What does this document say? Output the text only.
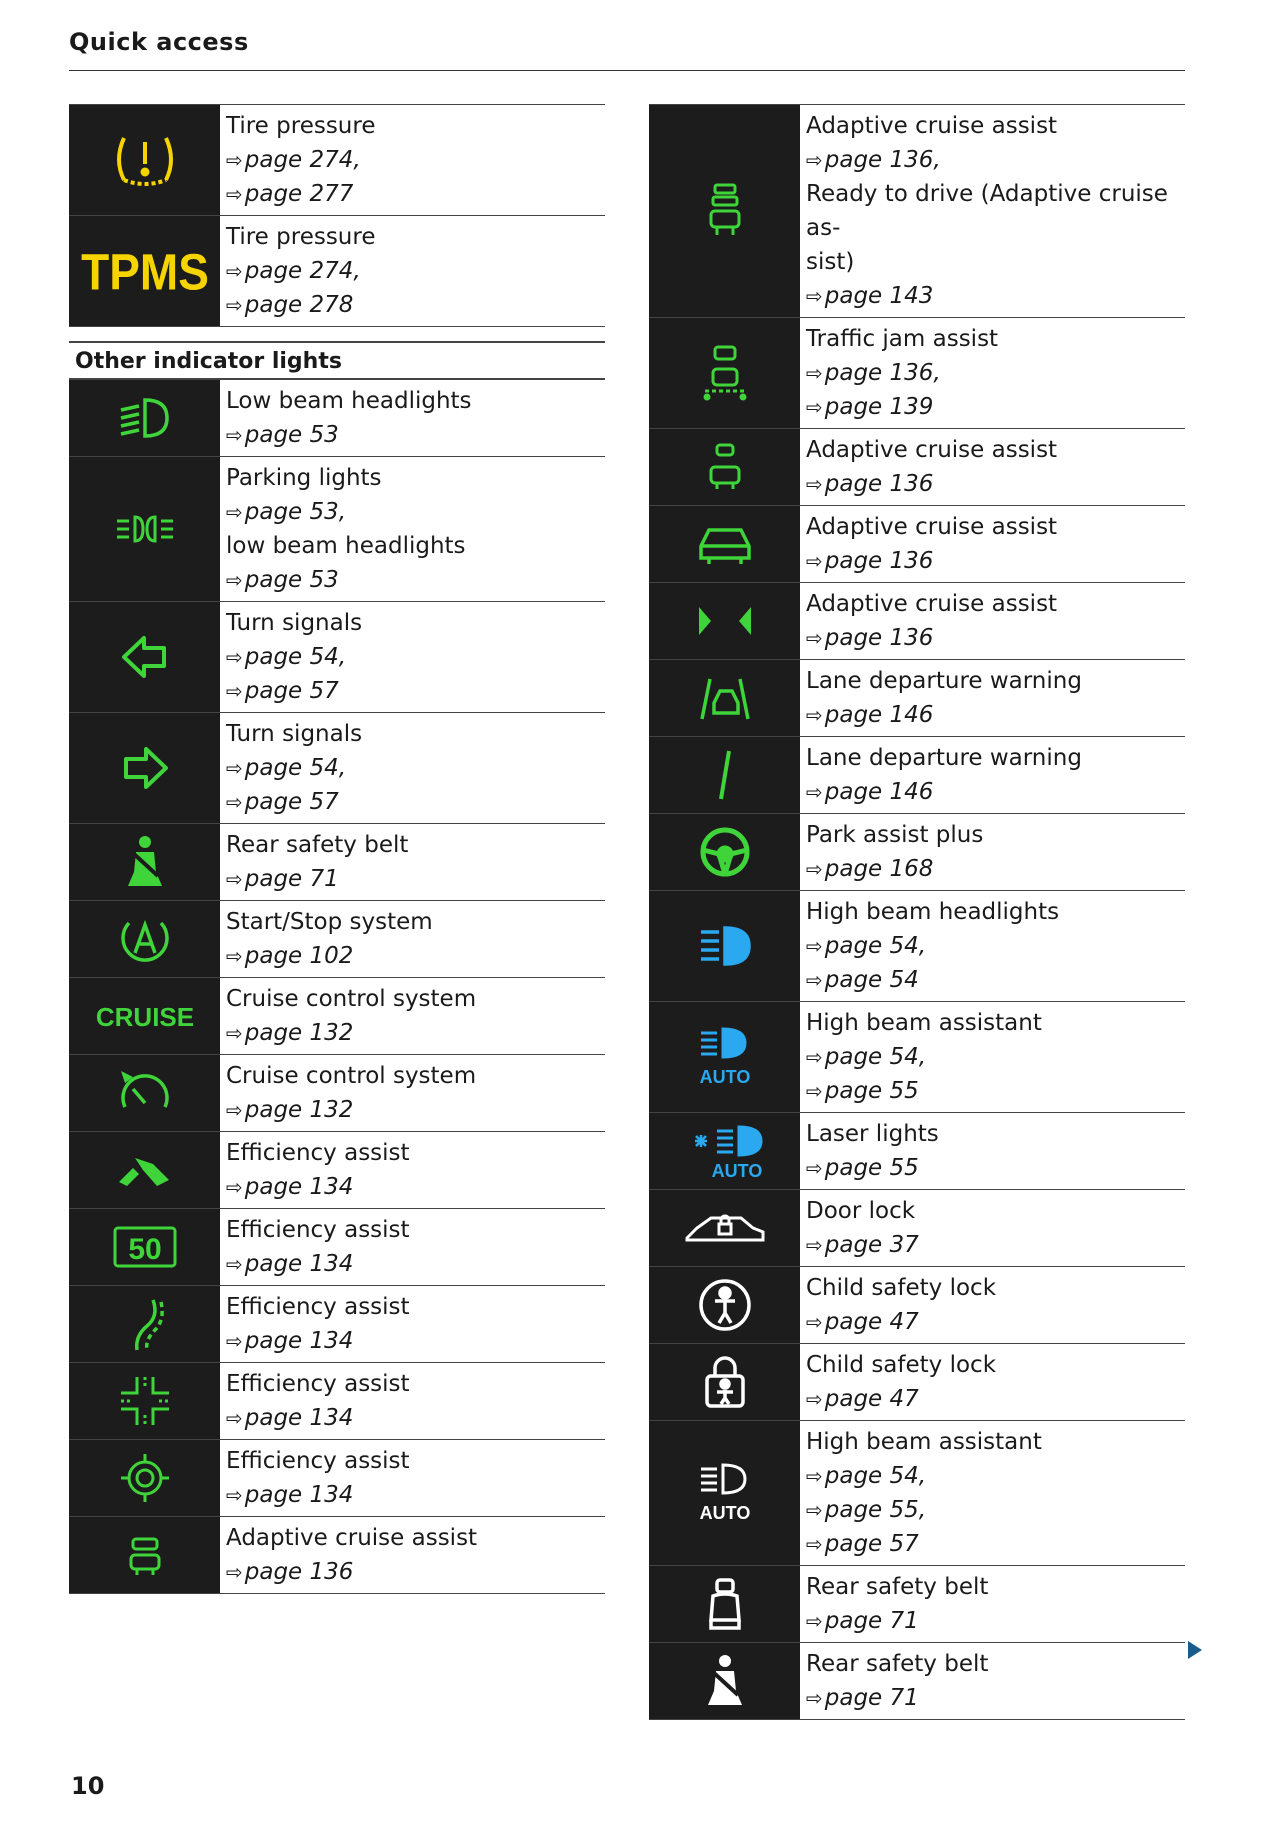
Quick access
Tire pressure
⇨page 274,
⇨page 277
TPMS
Tire pressure
⇨page 274,
⇨page 278
Other indicator lights
Low beam headlights
⇨page 53
Parking lights
⇨page 53,
low beam headlights
⇨page 53
Turn signals
⇨page 54,
⇨page 57
Turn signals
⇨page 54,
⇨page 57
Rear safety belt
⇨page 71
Start/Stop system
⇨page 102
CRUISE
Cruise control system
⇨page 132
Cruise control system
⇨page 132
Efficiency assist
⇨page 134
50
Efficiency assist
⇨page 134
Efficiency assist
⇨page 134
Efficiency assist
⇨page 134
Efficiency assist
⇨page 134
Adaptive cruise assist
⇨page 136
Adaptive cruise assist
⇨page 136,
Ready to drive (Adaptive cruise as-
sist)
⇨page 143
Traffic jam assist
⇨page 136,
⇨page 139
Adaptive cruise assist
⇨page 136
Adaptive cruise assist
⇨page 136
Adaptive cruise assist
⇨page 136
Lane departure warning
⇨page 146
Lane departure warning
⇨page 146
Park assist plus
⇨page 168
High beam headlights
⇨page 54,
⇨page 54
AUTO
High beam assistant
⇨page 54,
⇨page 55
AUTO
Laser lights
⇨page 55
Door lock
⇨page 37
Child safety lock
⇨page 47
Child safety lock
⇨page 47
AUTO
High beam assistant
⇨page 54,
⇨page 55,
⇨page 57
Rear safety belt
⇨page 71
Rear safety belt
⇨page 71
10
